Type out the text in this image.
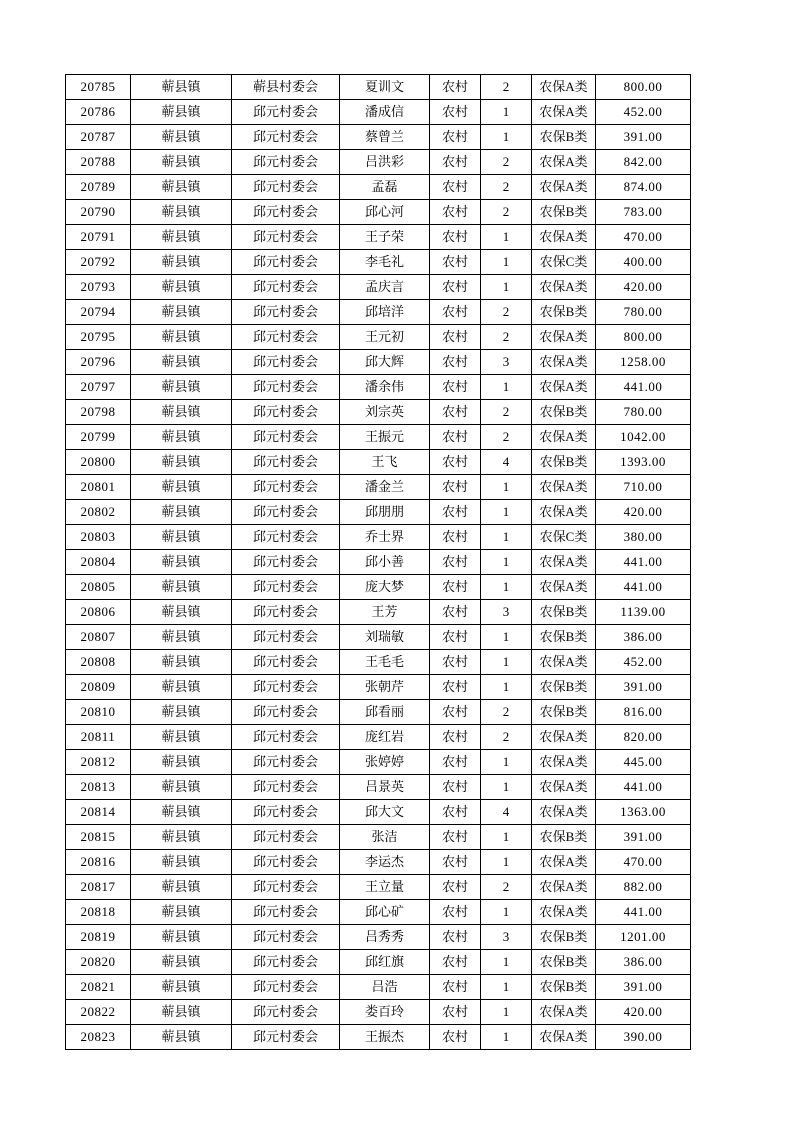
20785	蕲县镇	蕲县村委会	夏训文	农村	2	农保A类	800.00
20786	蕲县镇	邱元村委会	潘成信	农村	1	农保A类	452.00
20787	蕲县镇	邱元村委会	蔡曾兰	农村	1	农保B类	391.00
20788	蕲县镇	邱元村委会	吕洪彩	农村	2	农保A类	842.00
20789	蕲县镇	邱元村委会	孟磊	农村	2	农保A类	874.00
20790	蕲县镇	邱元村委会	邱心河	农村	2	农保B类	783.00
20791	蕲县镇	邱元村委会	王子荣	农村	1	农保A类	470.00
20792	蕲县镇	邱元村委会	李毛礼	农村	1	农保C类	400.00
20793	蕲县镇	邱元村委会	孟庆言	农村	1	农保A类	420.00
20794	蕲县镇	邱元村委会	邱培洋	农村	2	农保B类	780.00
20795	蕲县镇	邱元村委会	王元初	农村	2	农保A类	800.00
20796	蕲县镇	邱元村委会	邱大辉	农村	3	农保A类	1258.00
20797	蕲县镇	邱元村委会	潘余伟	农村	1	农保A类	441.00
20798	蕲县镇	邱元村委会	刘宗英	农村	2	农保B类	780.00
20799	蕲县镇	邱元村委会	王振元	农村	2	农保A类	1042.00
20800	蕲县镇	邱元村委会	王飞	农村	4	农保B类	1393.00
20801	蕲县镇	邱元村委会	潘金兰	农村	1	农保A类	710.00
20802	蕲县镇	邱元村委会	邱朋朋	农村	1	农保A类	420.00
20803	蕲县镇	邱元村委会	乔士界	农村	1	农保C类	380.00
20804	蕲县镇	邱元村委会	邱小善	农村	1	农保A类	441.00
20805	蕲县镇	邱元村委会	庞大梦	农村	1	农保A类	441.00
20806	蕲县镇	邱元村委会	王芳	农村	3	农保B类	1139.00
20807	蕲县镇	邱元村委会	刘瑞敏	农村	1	农保B类	386.00
20808	蕲县镇	邱元村委会	王毛毛	农村	1	农保A类	452.00
20809	蕲县镇	邱元村委会	张朝芹	农村	1	农保B类	391.00
20810	蕲县镇	邱元村委会	邱看丽	农村	2	农保B类	816.00
20811	蕲县镇	邱元村委会	庞红岩	农村	2	农保A类	820.00
20812	蕲县镇	邱元村委会	张婷婷	农村	1	农保A类	445.00
20813	蕲县镇	邱元村委会	吕景英	农村	1	农保A类	441.00
20814	蕲县镇	邱元村委会	邱大文	农村	4	农保A类	1363.00
20815	蕲县镇	邱元村委会	张洁	农村	1	农保B类	391.00
20816	蕲县镇	邱元村委会	李运杰	农村	1	农保A类	470.00
20817	蕲县镇	邱元村委会	王立量	农村	2	农保A类	882.00
20818	蕲县镇	邱元村委会	邱心矿	农村	1	农保A类	441.00
20819	蕲县镇	邱元村委会	吕秀秀	农村	3	农保B类	1201.00
20820	蕲县镇	邱元村委会	邱红旗	农村	1	农保B类	386.00
20821	蕲县镇	邱元村委会	吕浩	农村	1	农保B类	391.00
20822	蕲县镇	邱元村委会	娄百玲	农村	1	农保A类	420.00
20823	蕲县镇	邱元村委会	王振杰	农村	1	农保A类	390.00
